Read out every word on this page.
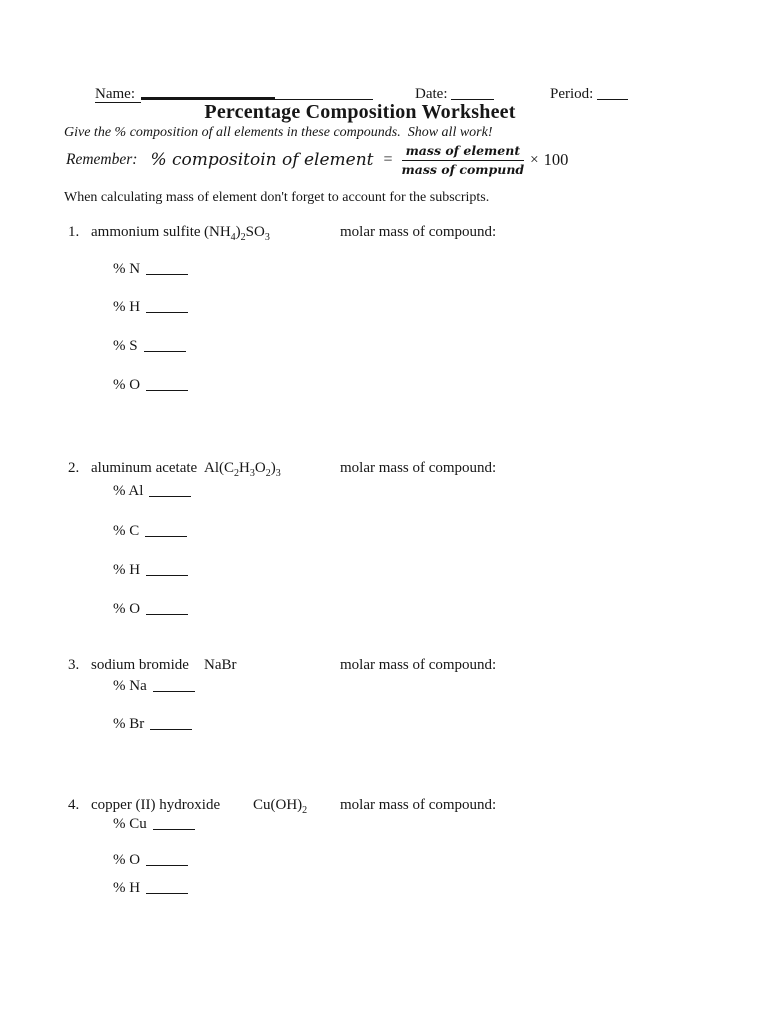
Name:	Date:	Period:
Percentage Composition Worksheet
Give the % composition of all elements in these compounds.  Show all work!
Remember: % compositoin of element = $\frac{\text{mass of element}}{\text{mass of compund}} \times 100$
When calculating mass of element don't forget to account for the subscripts.
1. ammonium sulfite $(NH_4)_2SO_3$	molar mass of compound:
% N
% H
% S
% O
2. aluminum acetate $Al(C_2H_3O_2)_3$	molar mass of compound:
% Al
% C
% H
% O
3. sodium bromide NaBr	molar mass of compound:
% Na
% Br
4. copper (II) hydroxide $Cu(OH)_2$ molar mass of compound:
% Cu
% O
% H
